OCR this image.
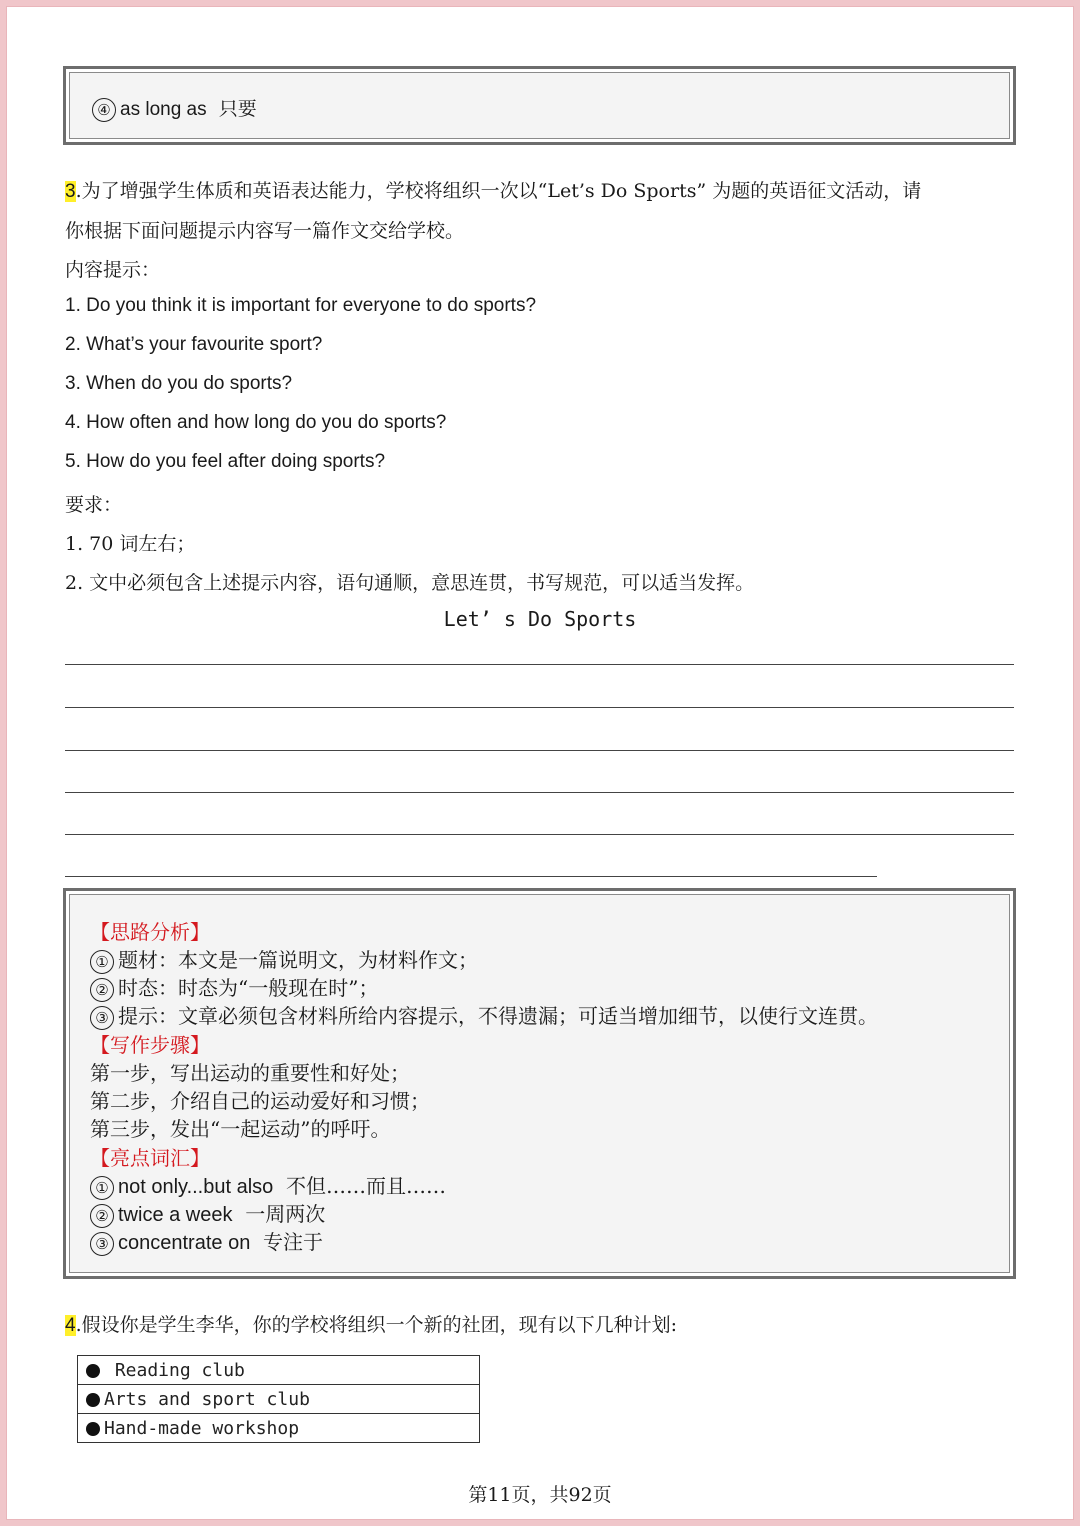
④ as long as 只要
3.为了增强学生体质和英语表达能力，学校将组织一次以“Let’s Do Sports” 为题的英语征文活动，请
你根据下面问题提示内容写一篇作文交给学校。
内容提示：
1. Do you think it is important for everyone to do sports?
2. What’s your favourite sport?
3. When do you do sports?
4. How often and how long do you do sports?
5. How do you feel after doing sports?
要求：
1. 70 词左右；
2. 文中必须包含上述提示内容，语句通顺，意思连贯，书写规范，可以适当发挥。
Let’ s Do Sports
【思路分析】
① 题材：本文是一篇说明文，为材料作文；
② 时态：时态为“一般现在时”；
③ 提示：文章必须包含材料所给内容提示，不得遗漏；可适当增加细节，以使行文连贯。
【写作步骤】
第一步，写出运动的重要性和好处；
第二步，介绍自己的运动爱好和习惯；
第三步，发出“一起运动”的呼吁。
【亮点词汇】
① not only...but also 不但……而且……
② twice a week 一周两次
③ concentrate on 专注于
4.假设你是学生李华，你的学校将组织一个新的社团，现有以下几种计划:
Reading club
Arts and sport club
Hand-made workshop
第11页，共92页
